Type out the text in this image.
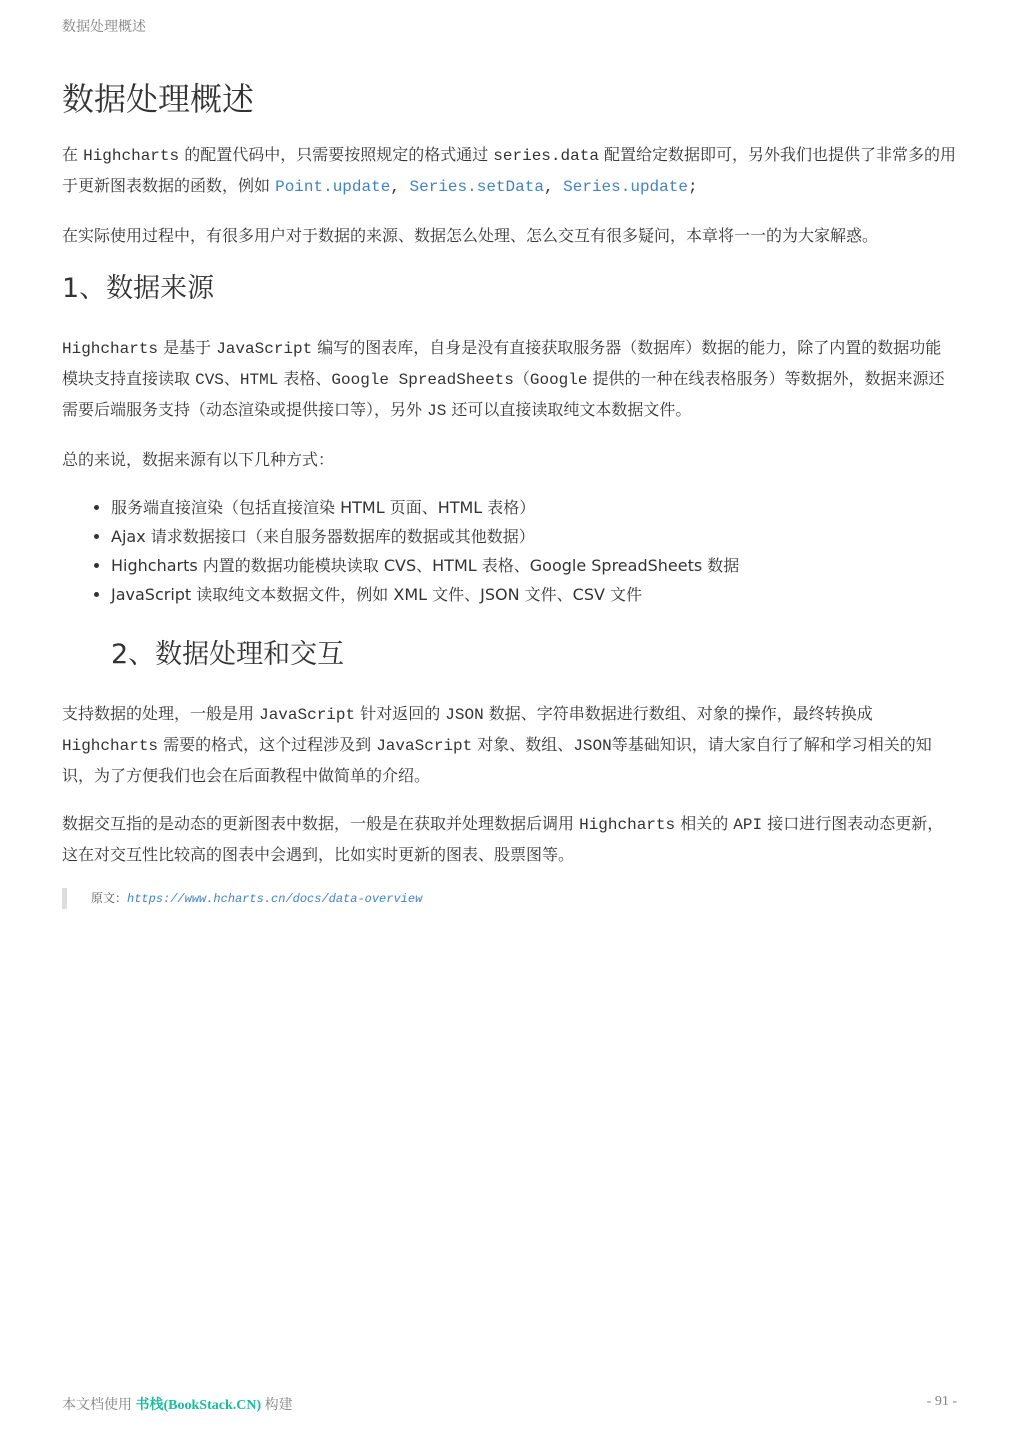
数据处理概述
数据处理概述

在 Highcharts 的配置代码中，只需要按照规定的格式通过 series.data 配置给定数据即可，另外我们也提供了非常多的用于更新图表数据的函数，例如 Point.update, Series.setData, Series.update;

在实际使用过程中，有很多用户对于数据的来源、数据怎么处理、怎么交互有很多疑问，本章将一一的为大家解惑。

1、数据来源

Highcharts 是基于 JavaScript 编写的图表库，自身是没有直接获取服务器（数据库）数据的能力，除了内置的数据功能模块支持直接读取 CVS、HTML 表格、Google SpreadSheets（Google 提供的一种在线表格服务）等数据外，数据来源还需要后端服务支持（动态渲染或提供接口等），另外 JS 还可以直接读取纯文本数据文件。

总的来说，数据来源有以下几种方式：

• 服务端直接渲染（包括直接渲染 HTML 页面、HTML 表格）
• Ajax 请求数据接口（来自服务器数据库的数据或其他数据）
• Highcharts 内置的数据功能模块读取 CVS、HTML 表格、Google SpreadSheets 数据
• JavaScript 读取纯文本数据文件，例如 XML 文件、JSON 文件、CSV 文件
2、数据处理和交互

支持数据的处理，一般是用 JavaScript 针对返回的 JSON 数据、字符串数据进行数组、对象的操作，最终转换成 Highcharts 需要的格式，这个过程涉及到 JavaScript 对象、数组、JSON等基础知识，请大家自行了解和学习相关的知识，为了方便我们也会在后面教程中做简单的介绍。

数据交互指的是动态的更新图表中数据，一般是在获取并处理数据后调用 Highcharts 相关的 API 接口进行图表动态更新，这在对交互性比较高的图表中会遇到，比如实时更新的图表、股票图等。

原文：https://www.hcharts.cn/docs/data-overview
本文档使用 书栈(BookStack.CN) 构建	- 91 -
